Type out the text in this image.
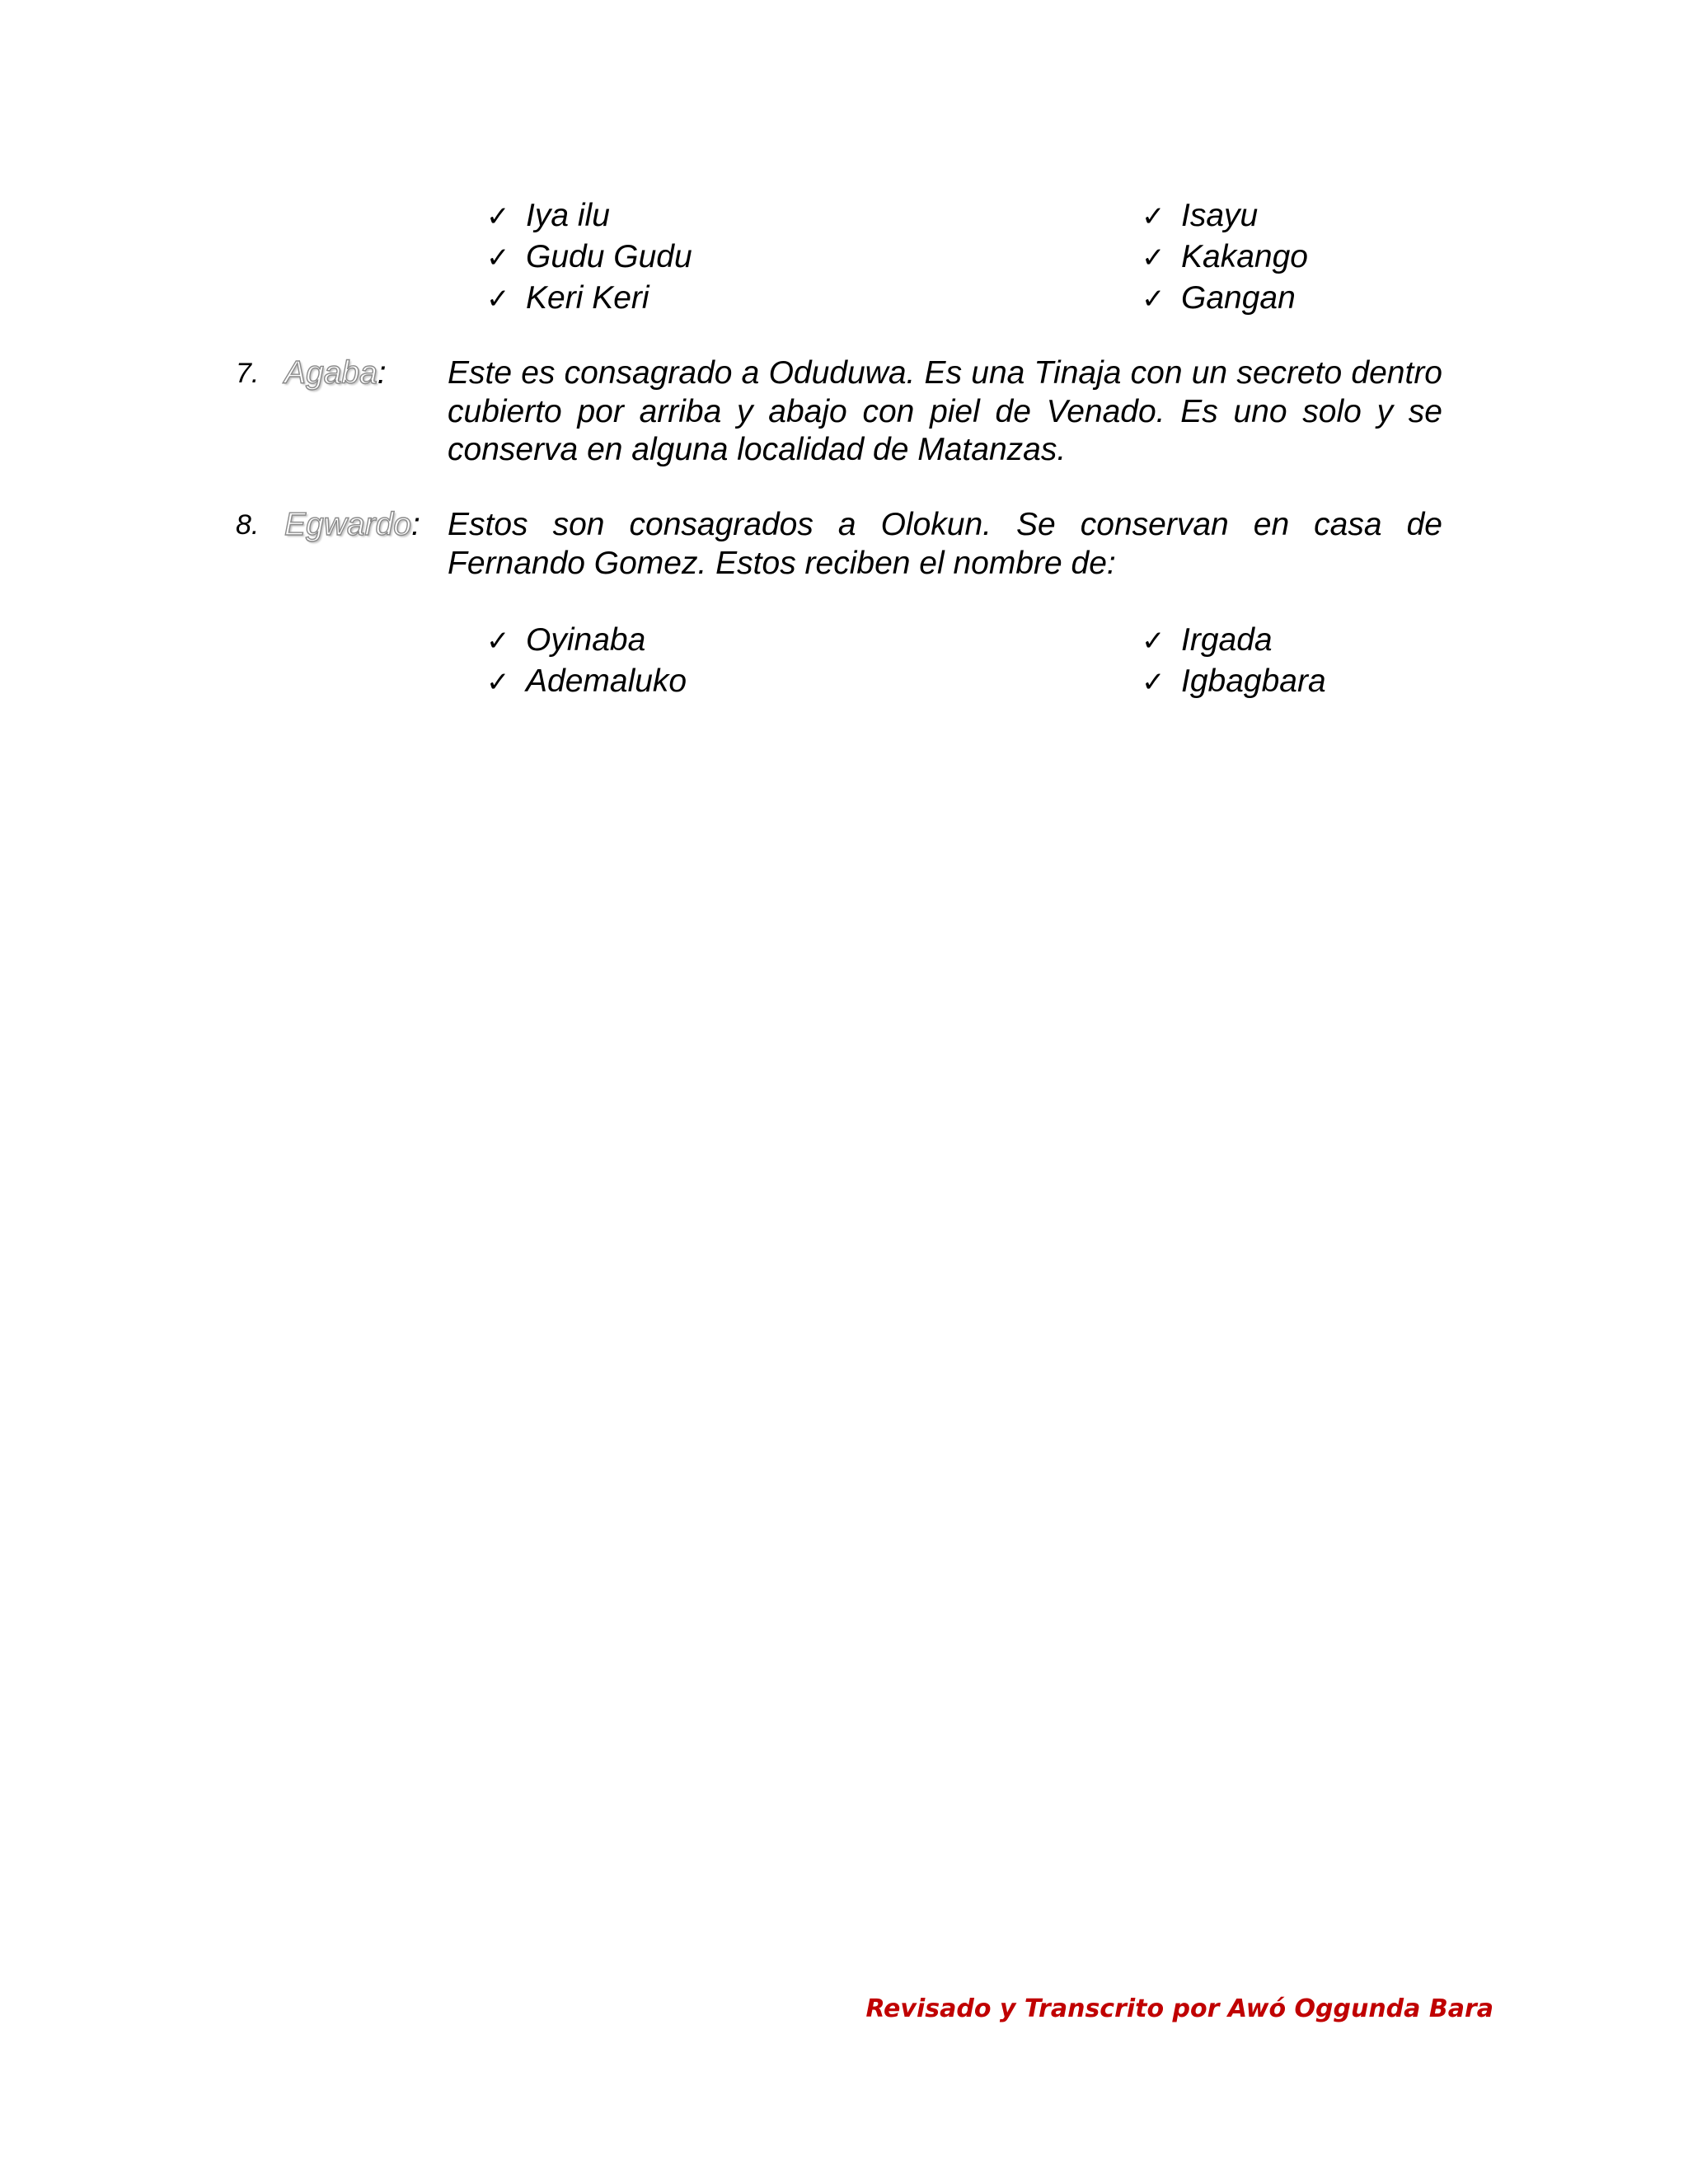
✓ Iya ilu
✓ Gudu Gudu
✓ Keri Keri
✓ Isayu
✓ Kakango
✓ Gangan
7. Agaba: Este es consagrado a Oduduwa. Es una Tinaja con un secreto dentro cubierto por arriba y abajo con piel de Venado. Es uno solo y se conserva en alguna localidad de Matanzas.

8. Egwardo: Estos son consagrados a Olokun. Se conservan en casa de Fernando Gomez. Estos reciben el nombre de:

✓ Oyinaba
✓ Ademaluko
✓ Irgada
✓ Igbagbara
Revisado y Transcrito por Awó Oggunda Bara
